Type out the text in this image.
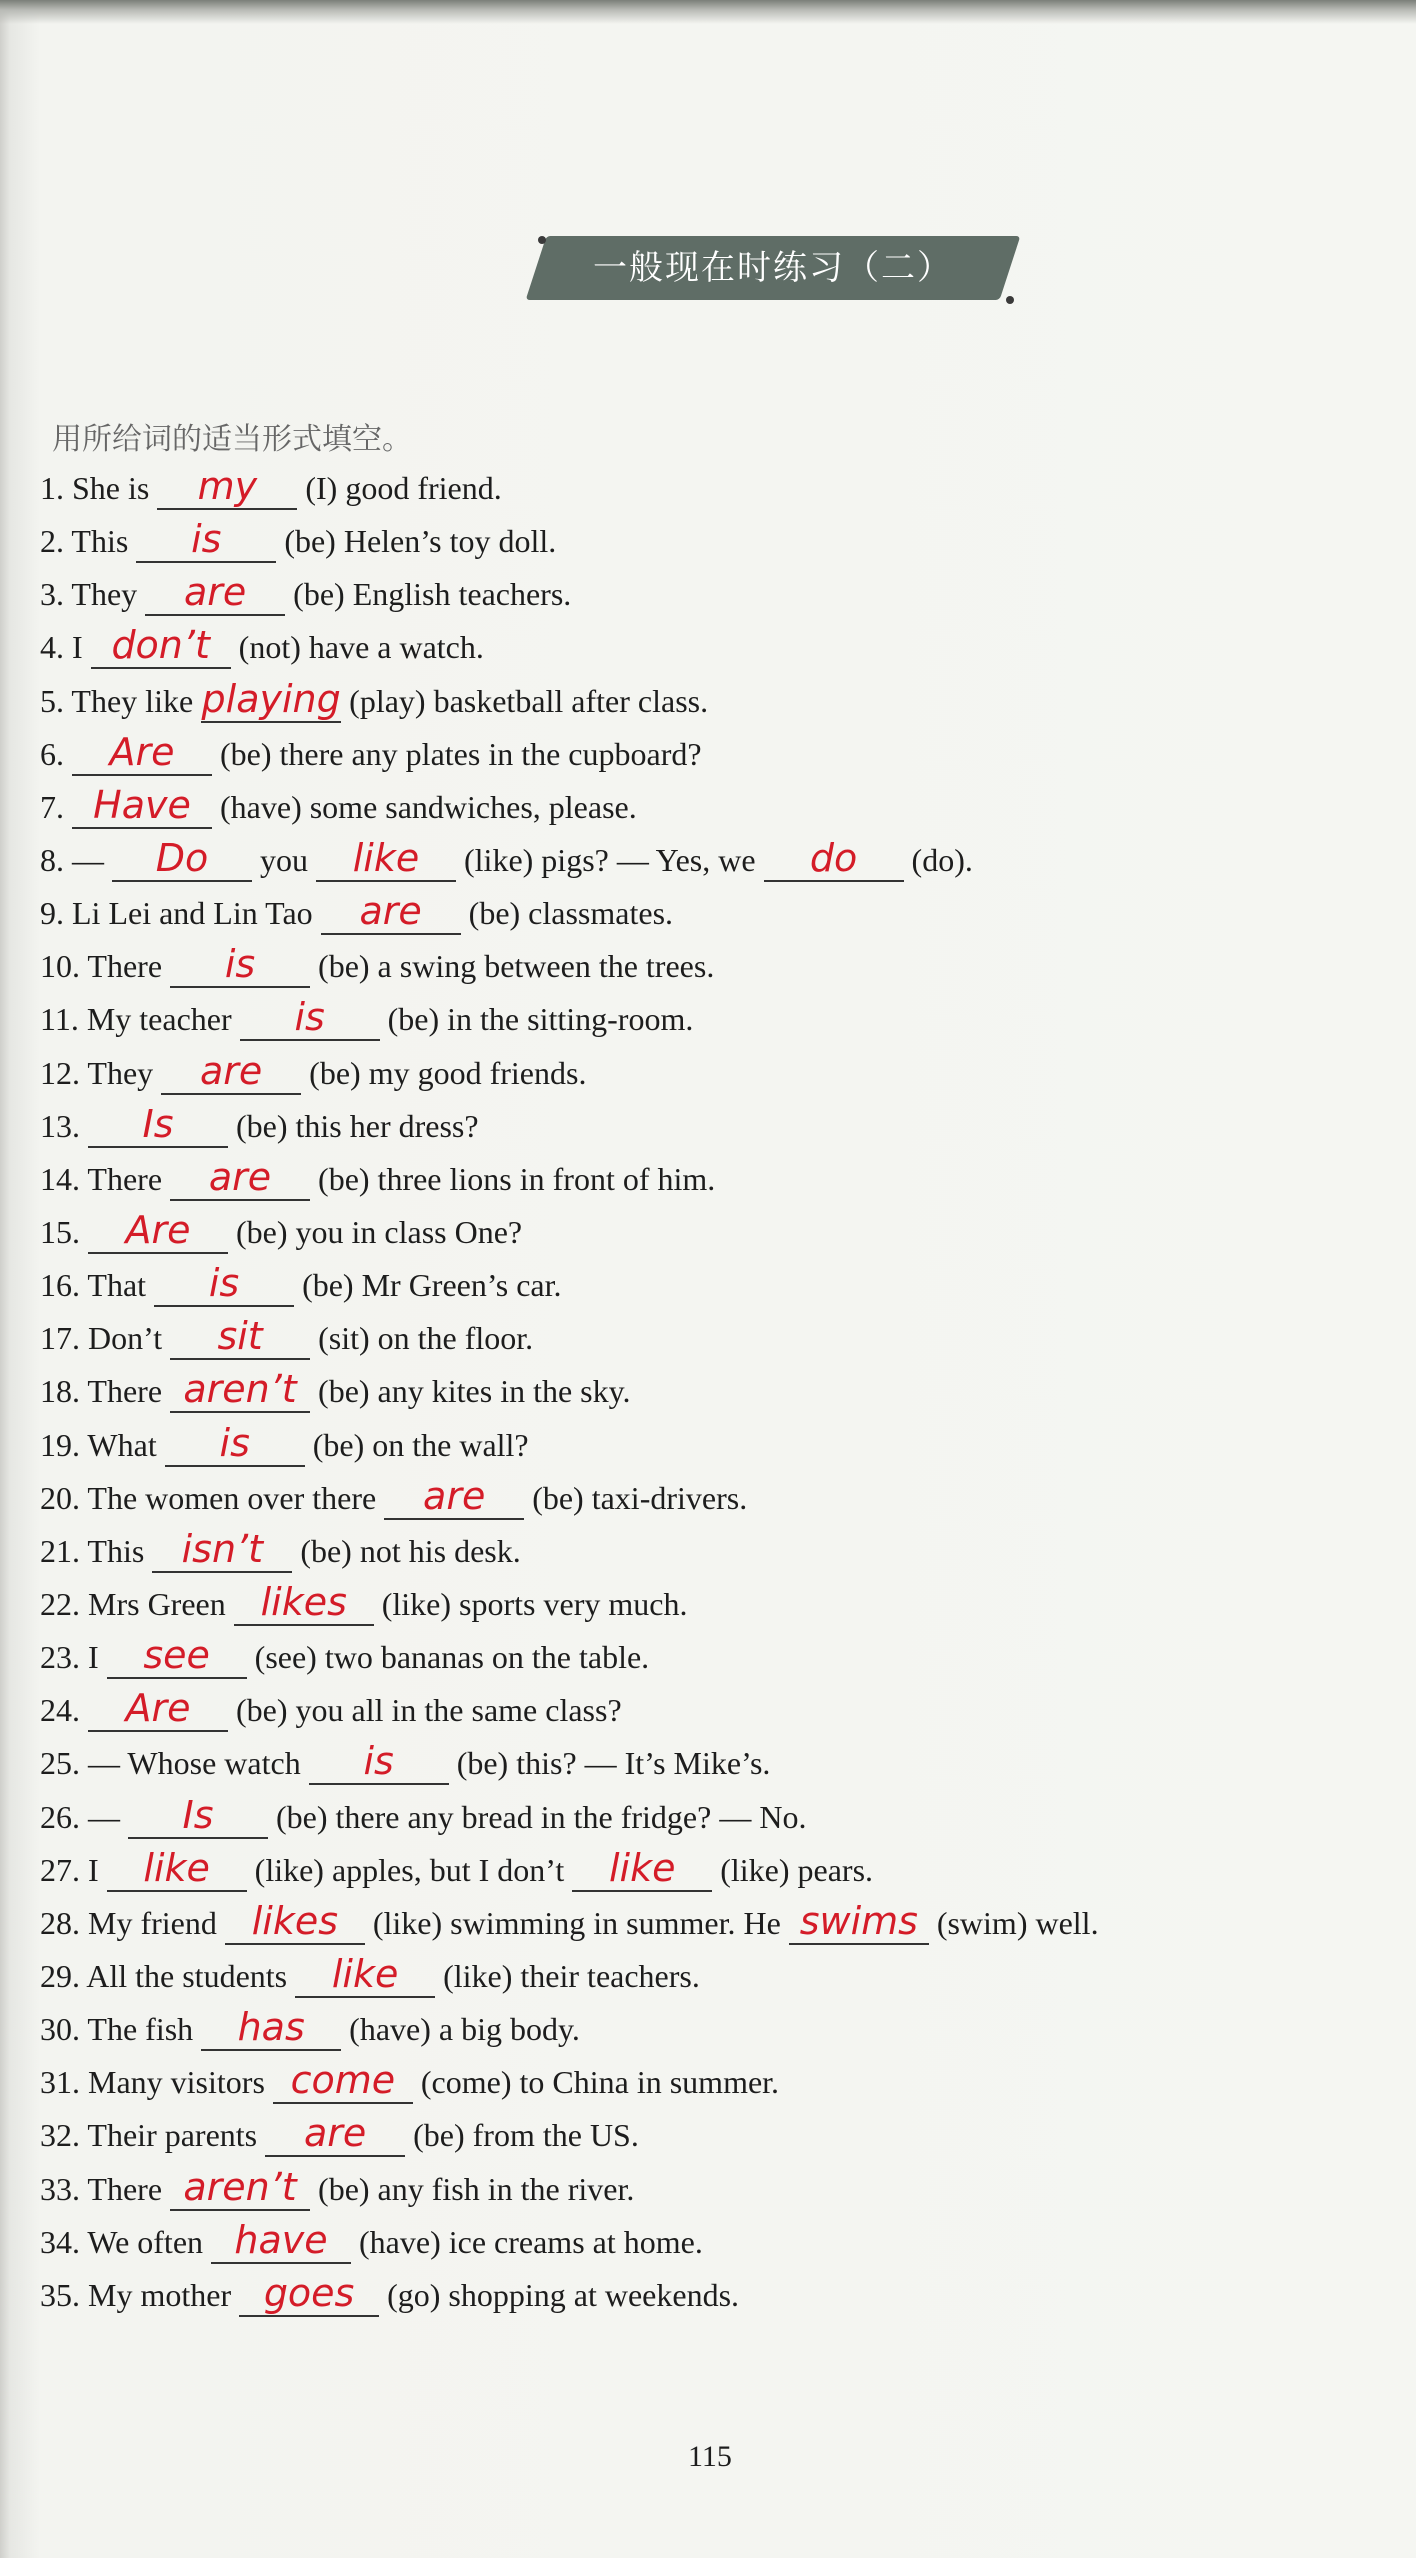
一般现在时练习（二）
用所给词的适当形式填空。
1. She is my (I) good friend.
2. This is (be) Helen’s toy doll.
3. They are (be) English teachers.
4. I don’t (not) have a watch.
5. They like playing (play) basketball after class.
6. Are (be) there any plates in the cupboard?
7. Have (have) some sandwiches, please.
8. — Do you like (like) pigs? — Yes, we do (do).
9. Li Lei and Lin Tao are (be) classmates.
10. There is (be) a swing between the trees.
11. My teacher is (be) in the sitting-room.
12. They are (be) my good friends.
13. Is (be) this her dress?
14. There are (be) three lions in front of him.
15. Are (be) you in class One?
16. That is (be) Mr Green’s car.
17. Don’t sit (sit) on the floor.
18. There aren’t (be) any kites in the sky.
19. What is (be) on the wall?
20. The women over there are (be) taxi-drivers.
21. This isn’t (be) not his desk.
22. Mrs Green likes (like) sports very much.
23. I see (see) two bananas on the table.
24. Are (be) you all in the same class?
25. — Whose watch is (be) this? — It’s Mike’s.
26. — Is (be) there any bread in the fridge? — No.
27. I like (like) apples, but I don’t like (like) pears.
28. My friend likes (like) swimming in summer. He swims (swim) well.
29. All the students like (like) their teachers.
30. The fish has (have) a big body.
31. Many visitors come (come) to China in summer.
32. Their parents are (be) from the US.
33. There aren’t (be) any fish in the river.
34. We often have (have) ice creams at home.
35. My mother goes (go) shopping at weekends.
115
